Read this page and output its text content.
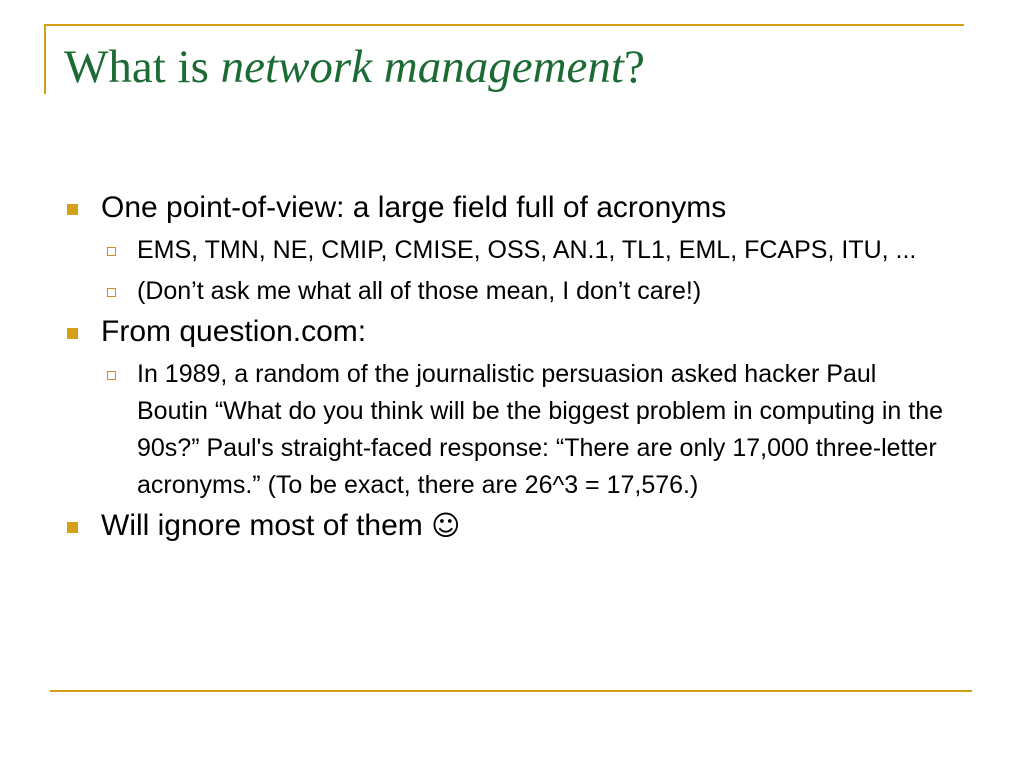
What is network management?
One point-of-view: a large field full of acronyms
EMS, TMN, NE, CMIP, CMISE, OSS, AN.1, TL1, EML, FCAPS, ITU, ...
(Don’t ask me what all of those mean, I don’t care!)
From question.com:
In 1989, a random of the journalistic persuasion asked hacker Paul Boutin “What do you think will be the biggest problem in computing in the 90s?” Paul's straight-faced response: “There are only 17,000 three-letter acronyms.” (To be exact, there are 26^3 = 17,576.)
Will ignore most of them ☺
